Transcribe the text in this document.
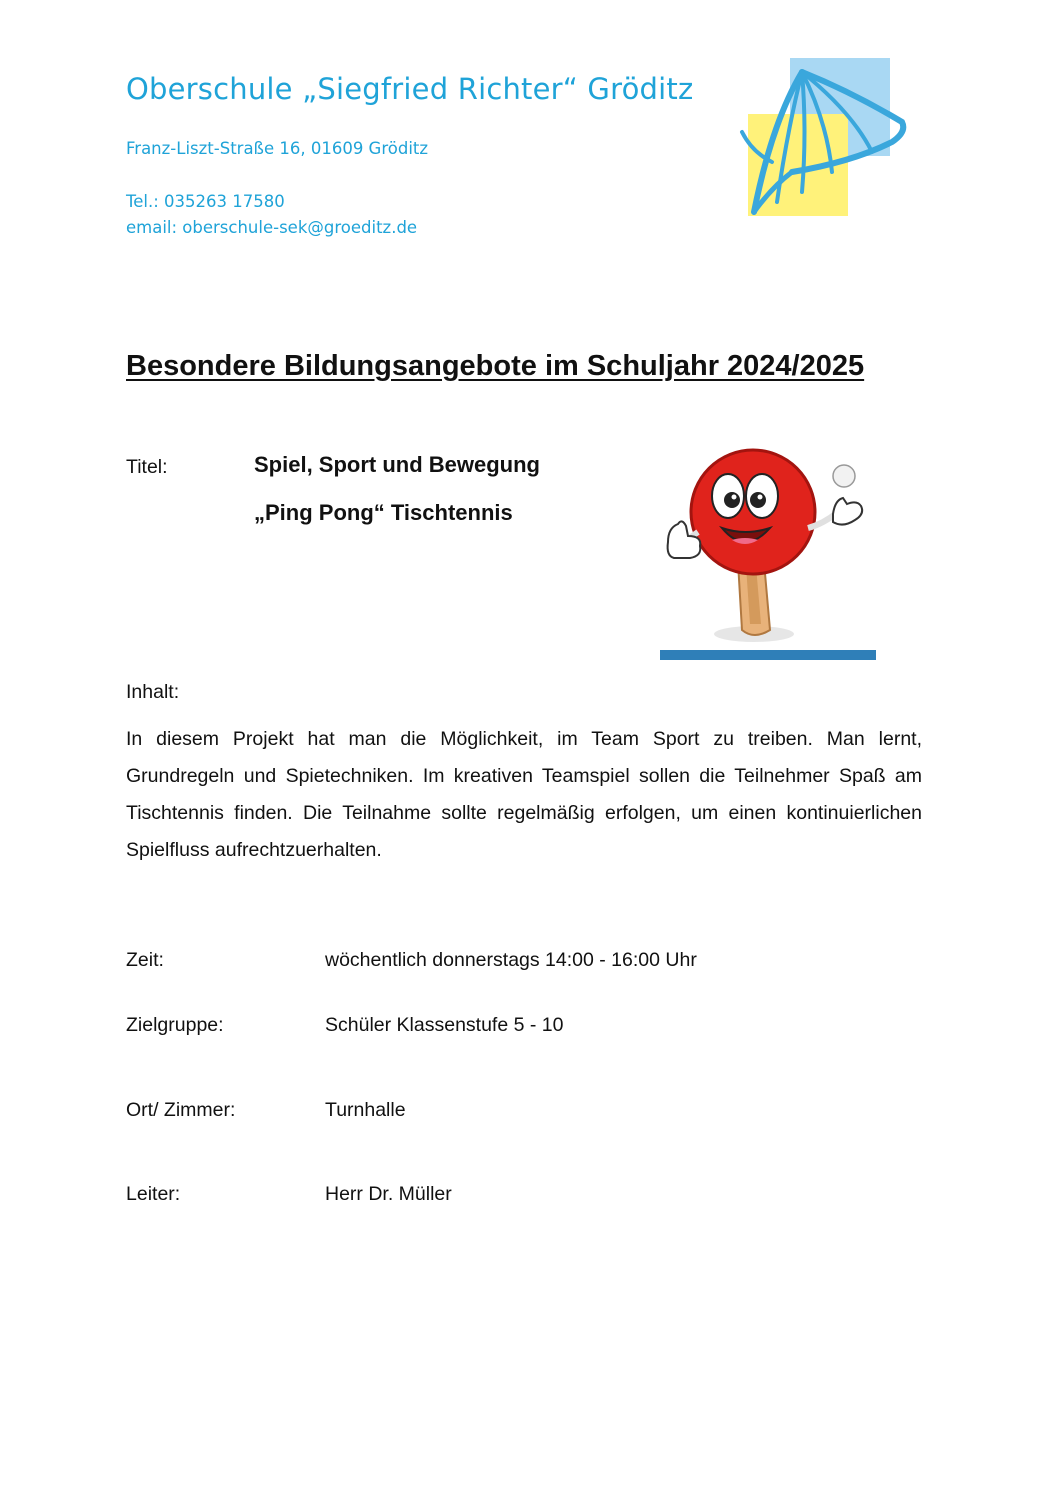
Oberschule „Siegfried Richter“ Gröditz
Franz-Liszt-Straße 16, 01609 Gröditz
Tel.: 035263 17580
email: oberschule-sek@groeditz.de
Besondere Bildungsangebote im Schuljahr 2024/2025
Titel:	Spiel, Sport und Bewegung
„Ping Pong“ Tischtennis
Inhalt:
In diesem Projekt hat man die Möglichkeit, im Team Sport zu treiben. Man lernt, Grundregeln und Spietechniken. Im kreativen Teamspiel sollen die Teilnehmer Spaß am Tischtennis finden. Die Teilnahme sollte regelmäßig erfolgen, um einen kontinuierlichen Spielfluss aufrechtzuerhalten.
Zeit:	wöchentlich donnerstags 14:00 - 16:00 Uhr
Zielgruppe:	Schüler Klassenstufe 5 - 10
Ort/ Zimmer:	Turnhalle
Leiter:	Herr Dr. Müller
